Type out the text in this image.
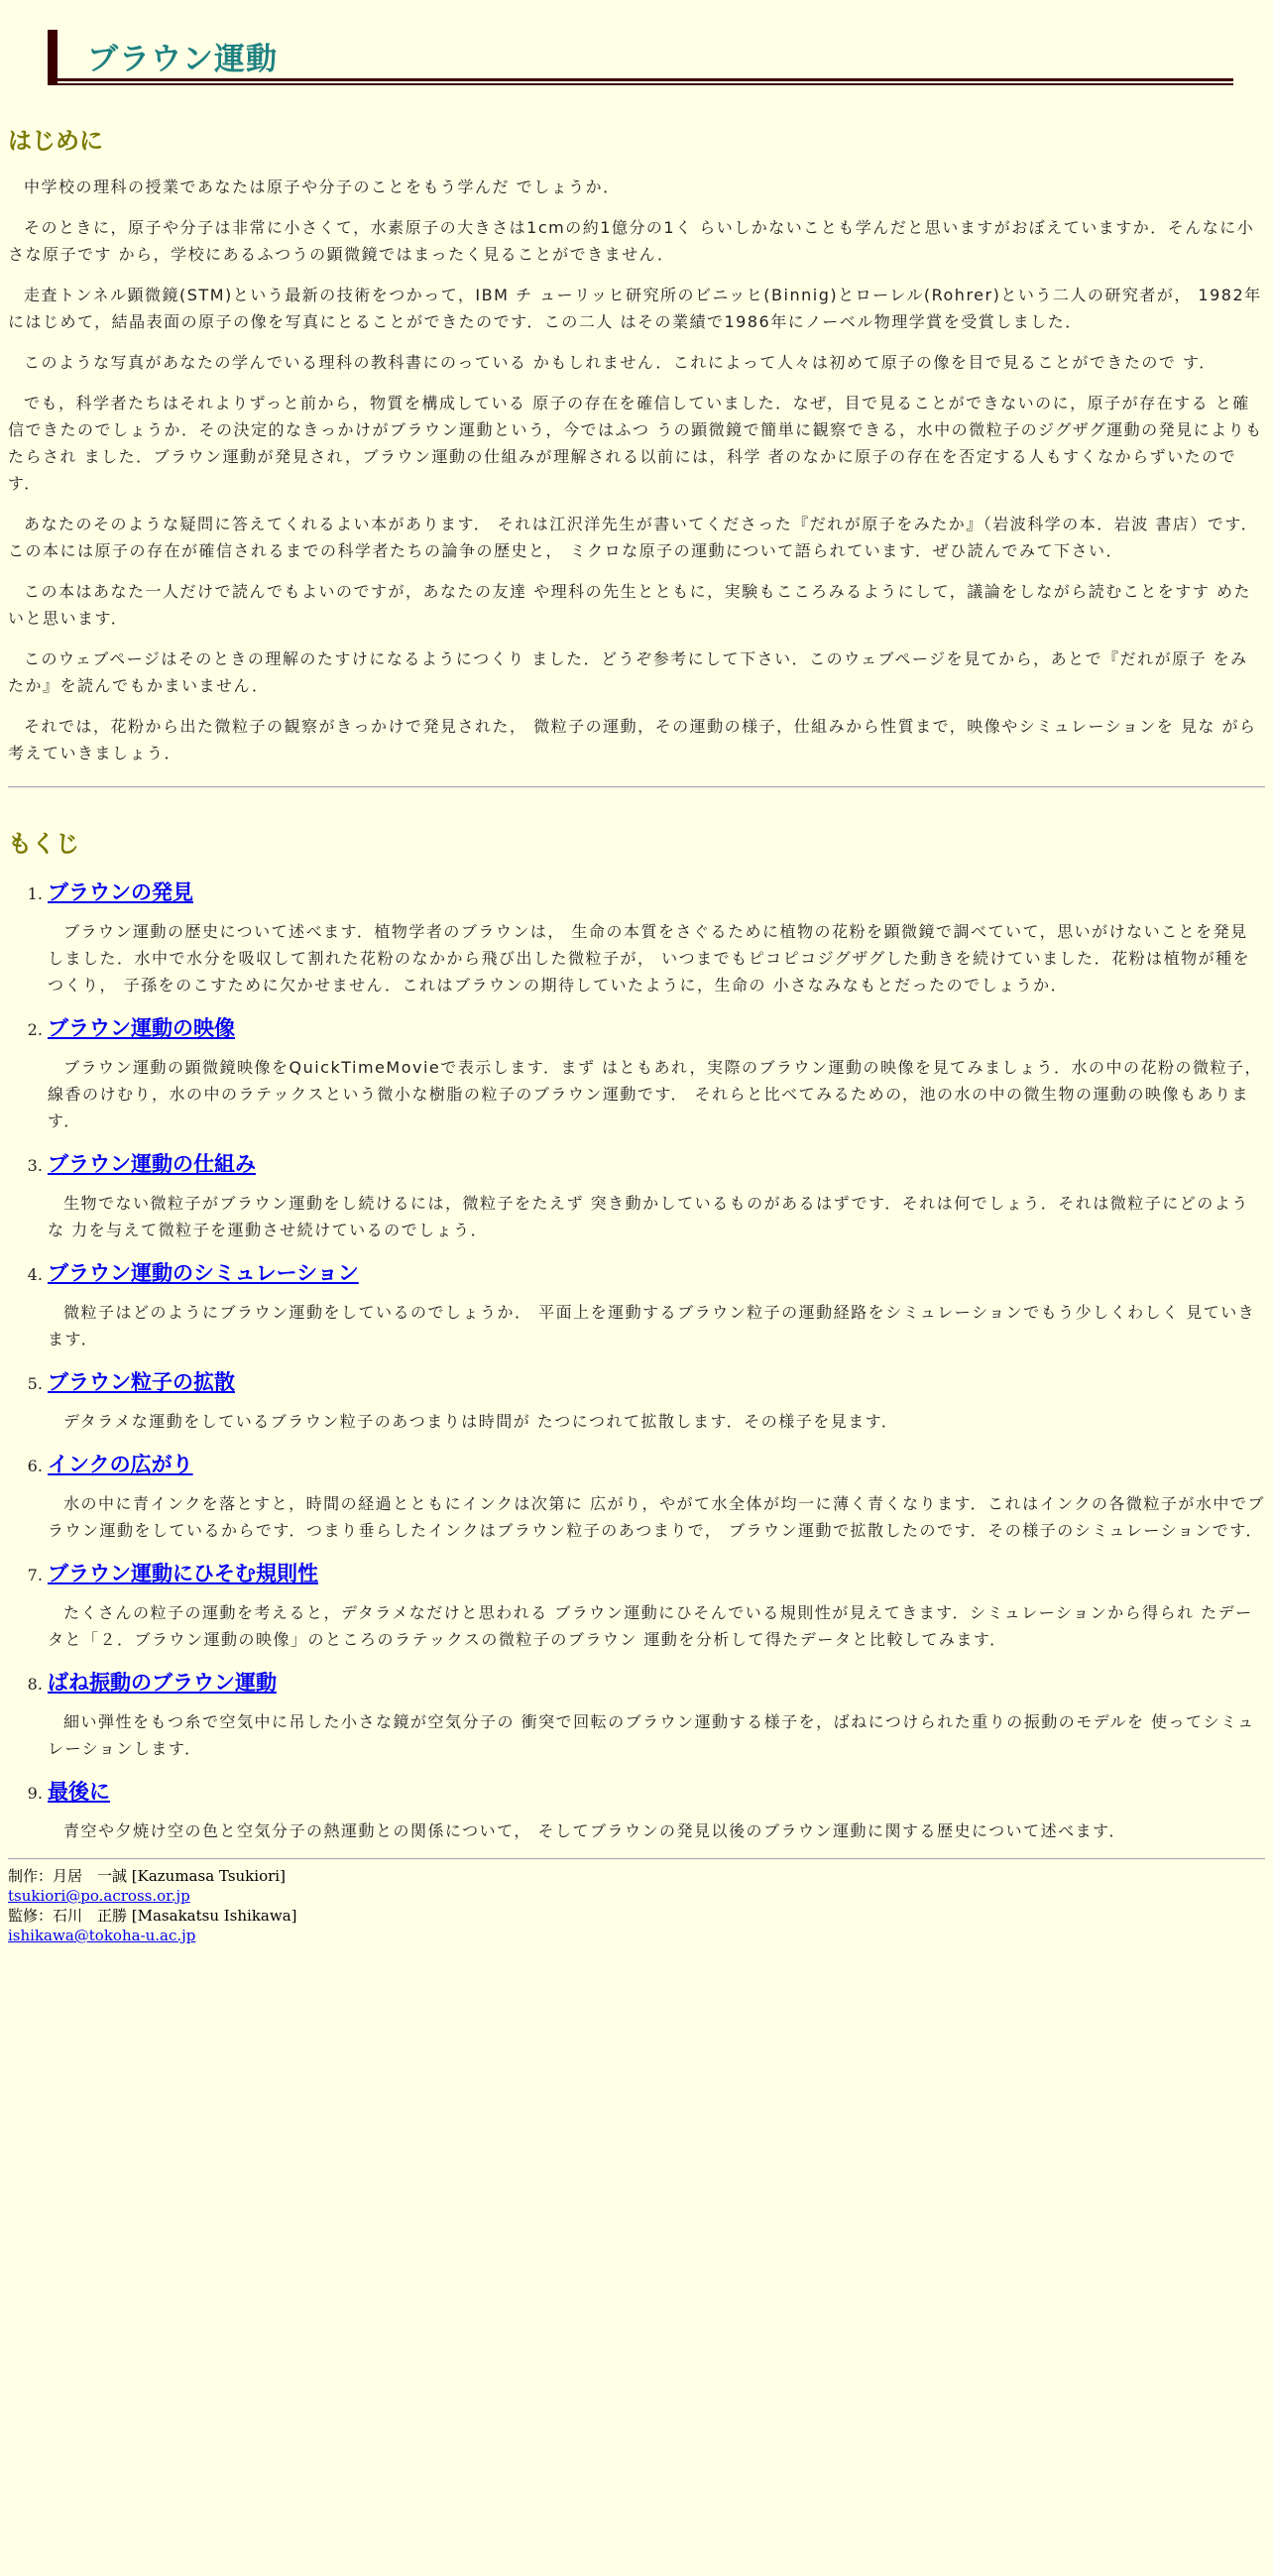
ブラウン運動
はじめに

中学校の理科の授業であなたは原子や分子のことをもう学んだ でしょうか．

そのときに，原子や分子は非常に小さくて，水素原子の大きさは1cmの約1億分の1く らいしかないことも学んだと思いますがおぼえていますか．そんなに小さな原子です から，学校にあるふつうの顕微鏡ではまったく見ることができません．

走査トンネル顕微鏡(STM)という最新の技術をつかって，IBM チ ューリッヒ研究所のビニッヒ(Binnig)とローレル(Rohrer)という二人の研究者が， 1982年にはじめて，結晶表面の原子の像を写真にとることができたのです．この二人 はその業績で1986年にノーベル物理学賞を受賞しました．

このような写真があなたの学んでいる理科の教科書にのっている かもしれません．これによって人々は初めて原子の像を目で見ることができたので す．

でも，科学者たちはそれよりずっと前から，物質を構成している 原子の存在を確信していました．なぜ，目で見ることができないのに，原子が存在する と確信できたのでしょうか．その決定的なきっかけがブラウン運動という，今ではふつ うの顕微鏡で簡単に観察できる，水中の微粒子のジグザグ運動の発見によりもたらされ ました．ブラウン運動が発見され，ブラウン運動の仕組みが理解される以前には，科学 者のなかに原子の存在を否定する人もすくなからずいたのです．

あなたのそのような疑問に答えてくれるよい本があります． それは江沢洋先生が書いてくださった『だれが原子をみたか』（岩波科学の本．岩波 書店）です．この本には原子の存在が確信されるまでの科学者たちの論争の歴史と， ミクロな原子の運動について語られています．ぜひ読んでみて下さい．

この本はあなた一人だけで読んでもよいのですが，あなたの友達 や理科の先生とともに，実験もこころみるようにして，議論をしながら読むことをすす めたいと思います．

このウェブページはそのときの理解のたすけになるようにつくり ました．どうぞ参考にして下さい．このウェブページを見てから，あとで『だれが原子 をみたか』を読んでもかまいません．

それでは，花粉から出た微粒子の観察がきっかけで発見された， 微粒子の運動，その運動の様子，仕組みから性質まで，映像やシミュレーションを 見な がら考えていきましょう．

もくじ
1. ブラウンの発見

ブラウン運動の歴史について述べます．植物学者のブラウンは， 生命の本質をさぐるために植物の花粉を顕微鏡で調べていて，思いがけないことを発見しました．水中で水分を吸収して割れた花粉のなかから飛び出した微粒子が， いつまでもピコピコジグザグした動きを続けていました．花粉は植物が種をつくり， 子孫をのこすために欠かせません．これはブラウンの期待していたように，生命の 小さなみなもとだったのでしょうか．

2. ブラウン運動の映像

ブラウン運動の顕微鏡映像をQuickTimeMovieで表示します．まず はともあれ，実際のブラウン運動の映像を見てみましょう．水の中の花粉の微粒子， 線香のけむり，水の中のラテックスという微小な樹脂の粒子のブラウン運動です． それらと比べてみるための，池の水の中の微生物の運動の映像もあります．

3. ブラウン運動の仕組み

生物でない微粒子がブラウン運動をし続けるには，微粒子をたえず 突き動かしているものがあるはずです．それは何でしょう．それは微粒子にどのような 力を与えて微粒子を運動させ続けているのでしょう．

4. ブラウン運動のシミュレーション

微粒子はどのようにブラウン運動をしているのでしょうか． 平面上を運動するブラウン粒子の運動経路をシミュレーションでもう少しくわしく 見ていきます．

5. ブラウン粒子の拡散

デタラメな運動をしているブラウン粒子のあつまりは時間が たつにつれて拡散します．その様子を見ます．

6. インクの広がり

水の中に青インクを落とすと，時間の経過とともにインクは次第に 広がり，やがて水全体が均一に薄く青くなります．これはインクの各微粒子が水中でブ ラウン運動をしているからです．つまり垂らしたインクはブラウン粒子のあつまりで， ブラウン運動で拡散したのです．その様子のシミュレーションです．

7. ブラウン運動にひそむ規則性

たくさんの粒子の運動を考えると，デタラメなだけと思われる ブラウン運動にひそんでいる規則性が見えてきます．シミュレーションから得られ たデータと「２．ブラウン運動の映像」のところのラテックスの微粒子のブラウン 運動を分析して得たデータと比較してみます．

8. ばね振動のブラウン運動

細い弾性をもつ糸で空気中に吊した小さな鏡が空気分子の 衝突で回転のブラウン運動する様子を，ばねにつけられた重りの振動のモデルを 使ってシミュレーションします．

9. 最後に

青空や夕焼け空の色と空気分子の熱運動との関係について， そしてブラウンの発見以後のブラウン運動に関する歴史について述べます．

制作：月居　一誠 [Kazumasa Tsukiori]
tsukiori@po.across.or.jp
監修：石川　正勝 [Masakatsu Ishikawa]
ishikawa@tokoha-u.ac.jp
